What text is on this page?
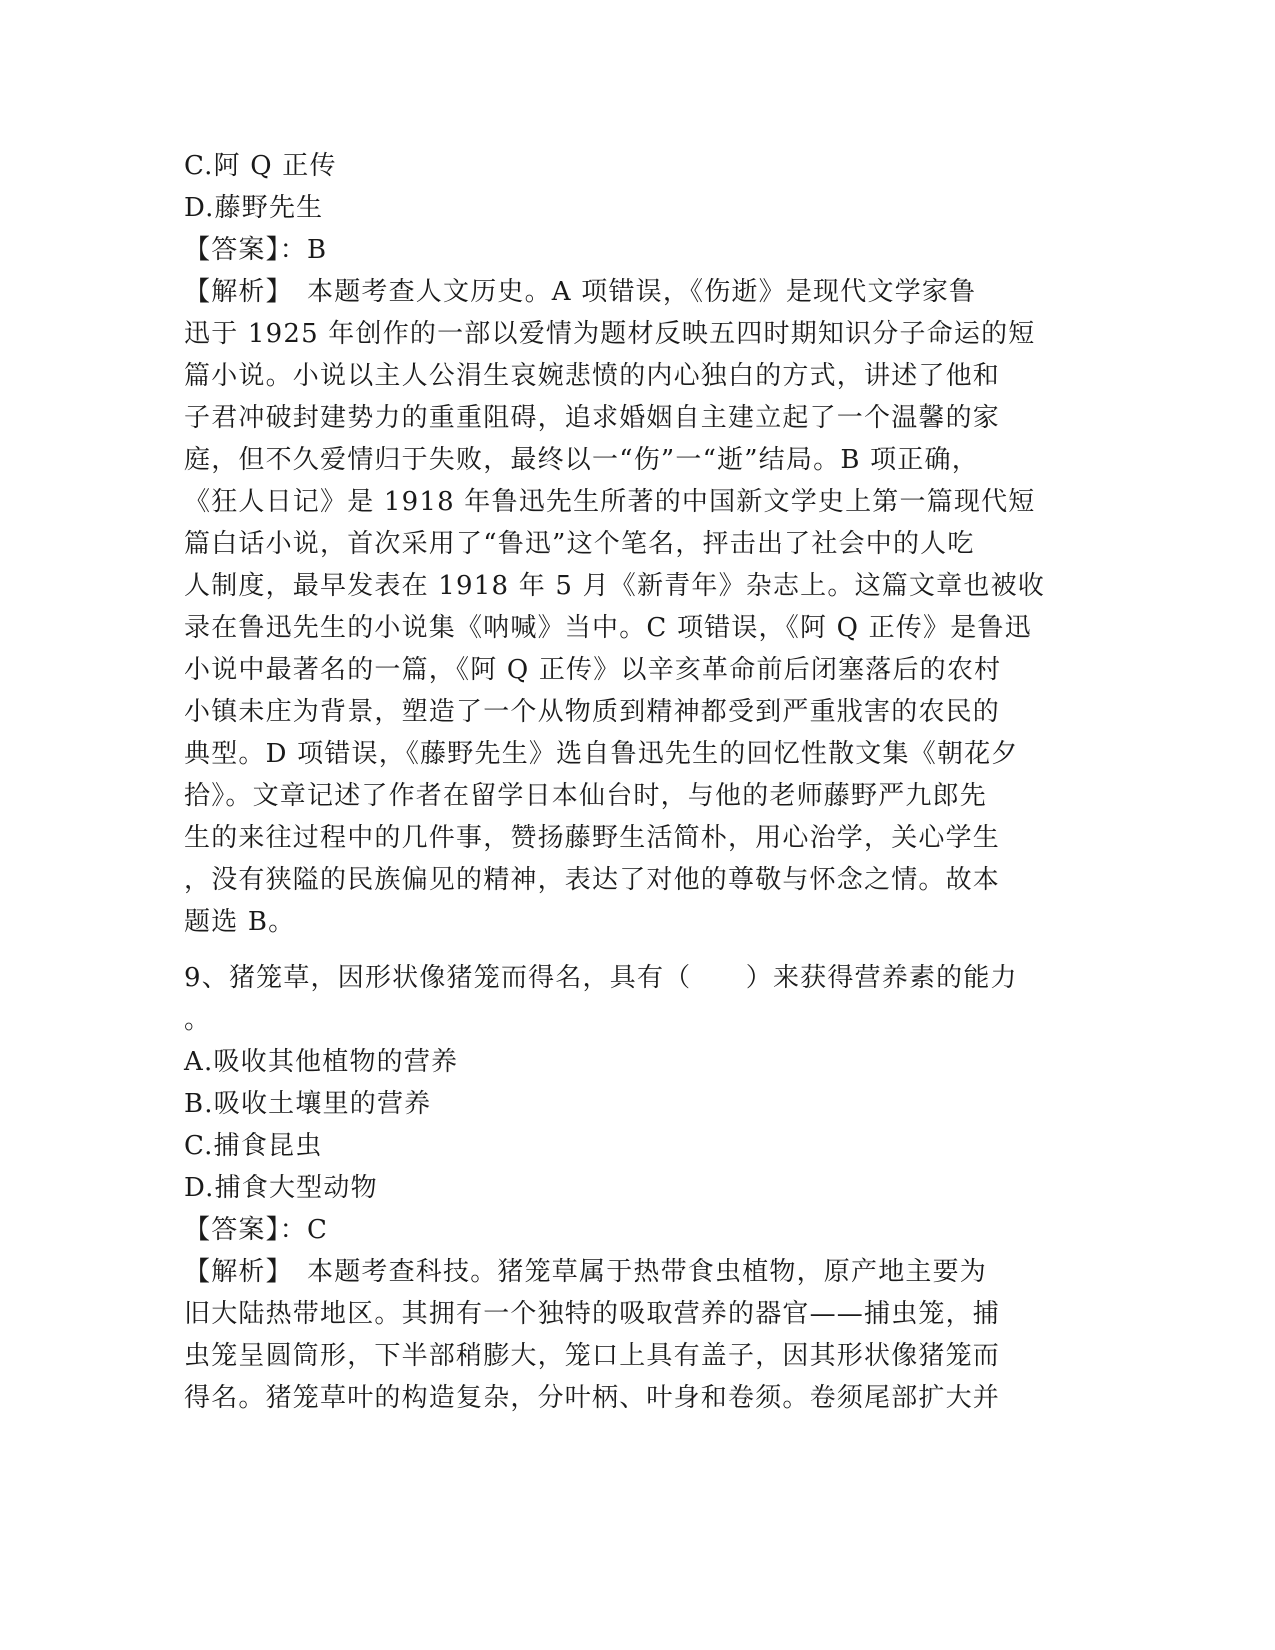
C.阿 Q 正传
D.藤野先生
【答案】：B
【解析】　本题考查人文历史。A 项错误，《伤逝》是现代文学家鲁
迅于 1925 年创作的一部以爱情为题材反映五四时期知识分子命运的短
篇小说。小说以主人公涓生哀婉悲愤的内心独白的方式，讲述了他和
子君冲破封建势力的重重阻碍，追求婚姻自主建立起了一个温馨的家
庭，但不久爱情归于失败，最终以一“伤”一“逝”结局。B 项正确，
《狂人日记》是 1918 年鲁迅先生所著的中国新文学史上第一篇现代短
篇白话小说，首次采用了“鲁迅”这个笔名，抨击出了社会中的人吃
人制度，最早发表在 1918 年 5 月《新青年》杂志上。这篇文章也被收
录在鲁迅先生的小说集《呐喊》当中。C 项错误，《阿 Q 正传》是鲁迅
小说中最著名的一篇，《阿 Q 正传》以辛亥革命前后闭塞落后的农村
小镇未庄为背景，塑造了一个从物质到精神都受到严重戕害的农民的
典型。D 项错误，《藤野先生》选自鲁迅先生的回忆性散文集《朝花夕
拾》。文章记述了作者在留学日本仙台时，与他的老师藤野严九郎先
生的来往过程中的几件事，赞扬藤野生活简朴，用心治学，关心学生
，没有狭隘的民族偏见的精神，表达了对他的尊敬与怀念之情。故本
题选 B。
9、猪笼草，因形状像猪笼而得名，具有（　　）来获得营养素的能力
。
A.吸收其他植物的营养
B.吸收土壤里的营养
C.捕食昆虫
D.捕食大型动物
【答案】：C
【解析】　本题考查科技。猪笼草属于热带食虫植物，原产地主要为
旧大陆热带地区。其拥有一个独特的吸取营养的器官——捕虫笼，捕
虫笼呈圆筒形，下半部稍膨大，笼口上具有盖子，因其形状像猪笼而
得名。猪笼草叶的构造复杂，分叶柄、叶身和卷须。卷须尾部扩大并
